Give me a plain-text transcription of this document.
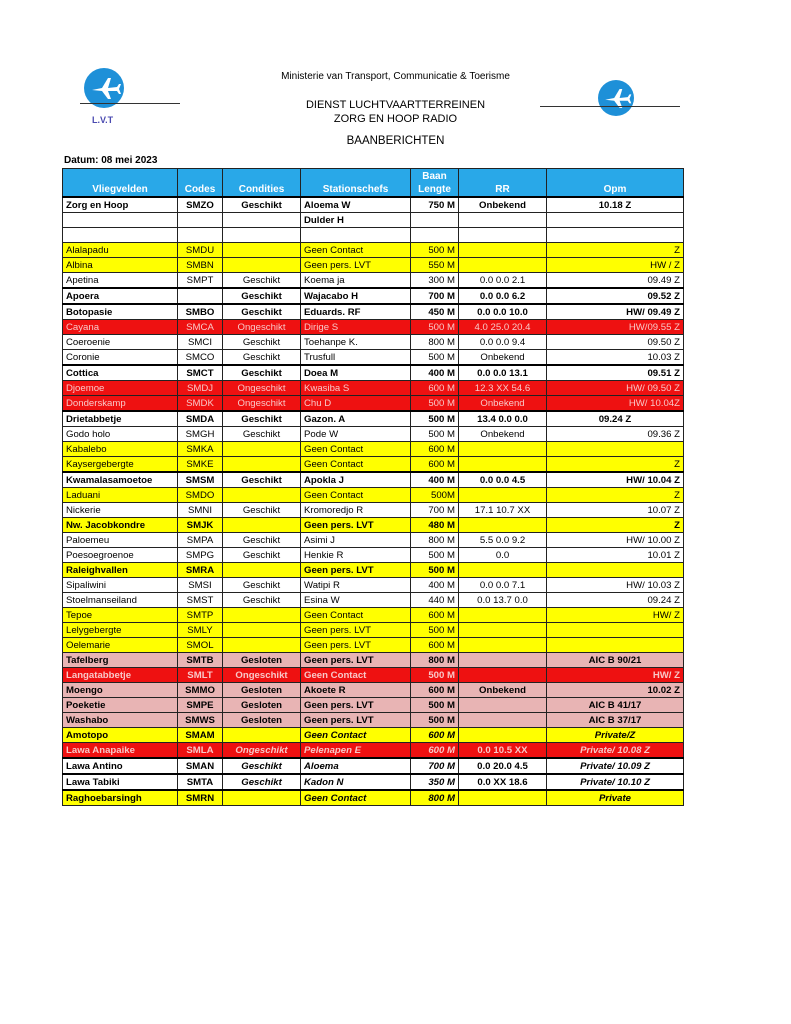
L.V.T
Ministerie van Transport, Communicatie & Toerisme
DIENST LUCHTVAARTTERREINEN
ZORG EN HOOP RADIO
BAANBERICHTEN
Datum: 08 mei 2023
				Baan		
Vliegvelden	Codes	Condities	Stationschefs	Lengte	RR	Opm
Zorg en Hoop	SMZO	Geschikt	Aloema W	750 M	Onbekend	10.18 Z
			Dulder H			

Alalapadu	SMDU		Geen Contact	500 M		Z
Albina	SMBN		Geen pers. LVT	550 M		HW / Z
Apetina	SMPT	Geschikt	Koema ja	300 M	0.0 0.0 2.1	09.49 Z
Apoera		Geschikt	Wajacabo H	700 M	0.0 0.0 6.2	09.52 Z
Botopasie	SMBO	Geschikt	Eduards. RF	450 M	0.0 0.0 10.0	HW/ 09.49 Z
Cayana	SMCA	Ongeschikt	Dirige S	500 M	4.0 25.0 20.4	HW/09.55 Z
Coeroenie	SMCI	Geschikt	Toehanpe K.	800 M	0.0 0.0 9.4	09.50 Z
Coronie	SMCO	Geschikt	Trusfull	500 M	Onbekend	10.03 Z
Cottica	SMCT	Geschikt	Doea M	400 M	0.0 0.0 13.1	09.51 Z
Djoemoe	SMDJ	Ongeschikt	Kwasiba S	600 M	12.3 XX 54.6	HW/ 09.50 Z
Donderskamp	SMDK	Ongeschikt	Chu D	500 M	Onbekend	HW/ 10.04Z
Drietabbetje	SMDA	Geschikt	Gazon. A	500 M	13.4 0.0 0.0	09.24 Z
Godo holo	SMGH	Geschikt	Pode W	500 M	Onbekend	09.36 Z
Kabalebo	SMKA		Geen Contact	600 M		
Kaysergebergte	SMKE		Geen Contact	600 M		Z
Kwamalasamoetoe	SMSM	Geschikt	Apokla J	400 M	0.0 0.0 4.5	HW/ 10.04 Z
Laduani	SMDO		Geen Contact	500M		Z
Nickerie	SMNI	Geschikt	Kromoredjo R	700 M	17.1 10.7 XX	10.07 Z
Nw. Jacobkondre	SMJK		Geen pers. LVT	480 M		Z
Paloemeu	SMPA	Geschikt	Asimi J	800 M	5.5 0.0 9.2	HW/ 10.00 Z
Poesoegroenoe	SMPG	Geschikt	Henkie R	500 M	0.0	10.01 Z
Raleighvallen	SMRA		Geen pers. LVT	500 M		
Sipaliwini	SMSI	Geschikt	Watipi R	400 M	0.0 0.0 7.1	HW/ 10.03 Z
Stoelmanseiland	SMST	Geschikt	Esina W	440 M	0.0 13.7 0.0	09.24 Z
Tepoe	SMTP		Geen Contact	600 M		HW/ Z
Lelygebergte	SMLY		Geen pers. LVT	500 M		
Oelemarie	SMOL		Geen pers. LVT	600 M		
Tafelberg	SMTB	Gesloten	Geen pers. LVT	800 M		AIC B 90/21
Langatabbetje	SMLT	Ongeschikt	Geen Contact	500 M		HW/ Z
Moengo	SMMO	Gesloten	Akoete R	600 M	Onbekend	10.02 Z
Poeketie	SMPE	Gesloten	Geen pers. LVT	500 M		AIC B 41/17
Washabo	SMWS	Gesloten	Geen pers. LVT	500 M		AIC B 37/17
Amotopo	SMAM		Geen Contact	600 M		Private/Z
Lawa Anapaike	SMLA	Ongeschikt	Pelenapen E	600 M	0.0 10.5 XX	Private/ 10.08 Z
Lawa Antino	SMAN	Geschikt	Aloema	700 M	0.0 20.0 4.5	Private/ 10.09 Z
Lawa Tabiki	SMTA	Geschikt	Kadon N	350 M	0.0 XX 18.6	Private/ 10.10 Z
Raghoebarsingh	SMRN		Geen Contact	800 M		Private
